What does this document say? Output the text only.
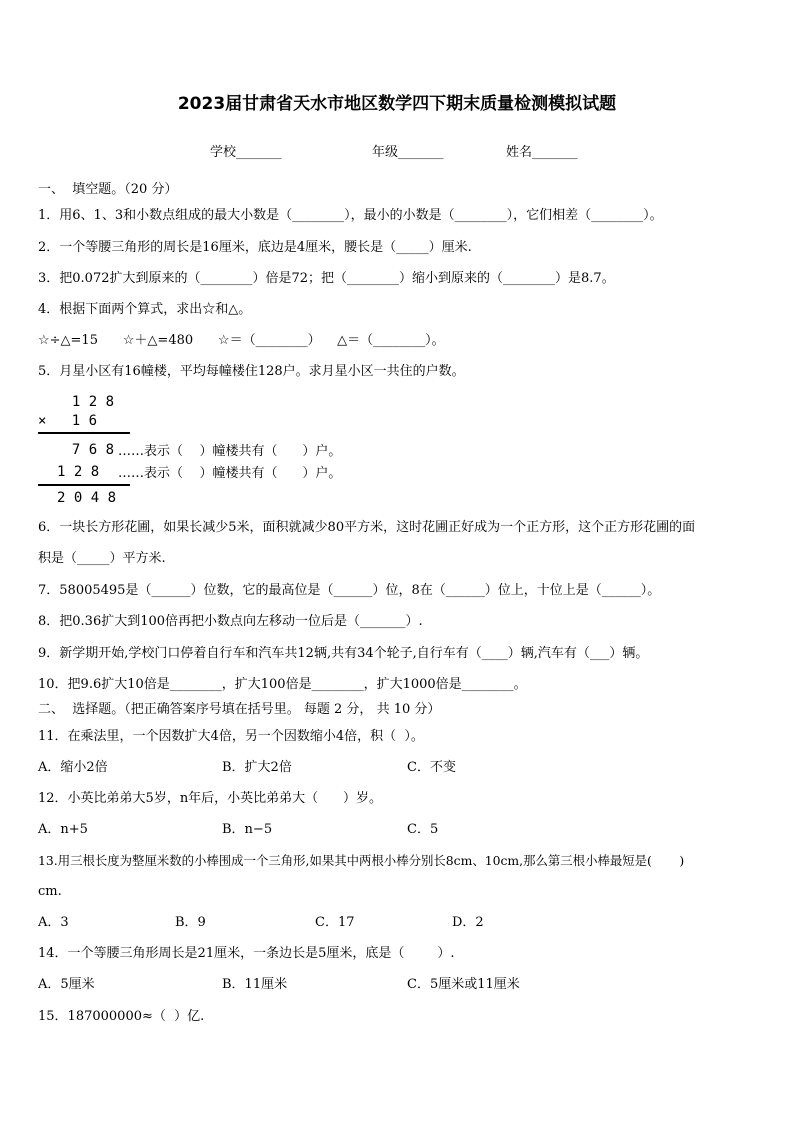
2023届甘肃省天水市地区数学四下期末质量检测模拟试题
学校_______	年级_______	姓名_______
一、  填空题。（20 分）
1．用6、1、3和小数点组成的最大小数是（________），最小的小数是（________），它们相差（________）。
2．一个等腰三角形的周长是16厘米，底边是4厘米，腰长是（_____）厘米.
3．把0.072扩大到原来的（________）倍是72；把（________）缩小到原来的（________）是8.7。
4．根据下面两个算式，求出☆和△。
☆÷△=15      ☆＋△=480      ☆＝（________）    △＝（________）。
5．月星小区有16幢楼，平均每幢楼住128户。求月星小区一共住的户数。
1 2 8
×   1 6
7 6 8 ……表示（    ）幢楼共有（      ）户。
1 2 8 ……表示（    ）幢楼共有（      ）户。
2 0 4 8
6．一块长方形花圃，如果长减少5米，面积就减少80平方米，这时花圃正好成为一个正方形，这个正方形花圃的面
积是（_____）平方米.
7．58005495是（______）位数，它的最高位是（______）位，8在（______）位上，十位上是（______）。
8．把0.36扩大到100倍再把小数点向左移动一位后是（_______）.
9．新学期开始,学校门口停着自行车和汽车共12辆,共有34个轮子,自行车有（____）辆,汽车有（___）辆。
10．把9.6扩大10倍是________，扩大100倍是________，扩大1000倍是________。
二、  选择题。（把正确答案序号填在括号里。 每题 2 分， 共 10 分）
11．在乘法里，一个因数扩大4倍，另一个因数缩小4倍，积（  ）。
A．缩小2倍	B．扩大2倍	C．不变
12．小英比弟弟大5岁，n年后，小英比弟弟大（      ）岁。
A．n+5	B．n−5	C．5
13.用三根长度为整厘米数的小棒围成一个三角形,如果其中两根小棒分别长8cm、10cm,那么第三根小棒最短是(       )
cm.
A．3	B．9	C．17	D．2
14．一个等腰三角形周长是21厘米，一条边长是5厘米，底是（        ）.
A．5厘米	B．11厘米	C．5厘米或11厘米
15．187000000≈（  ）亿.
